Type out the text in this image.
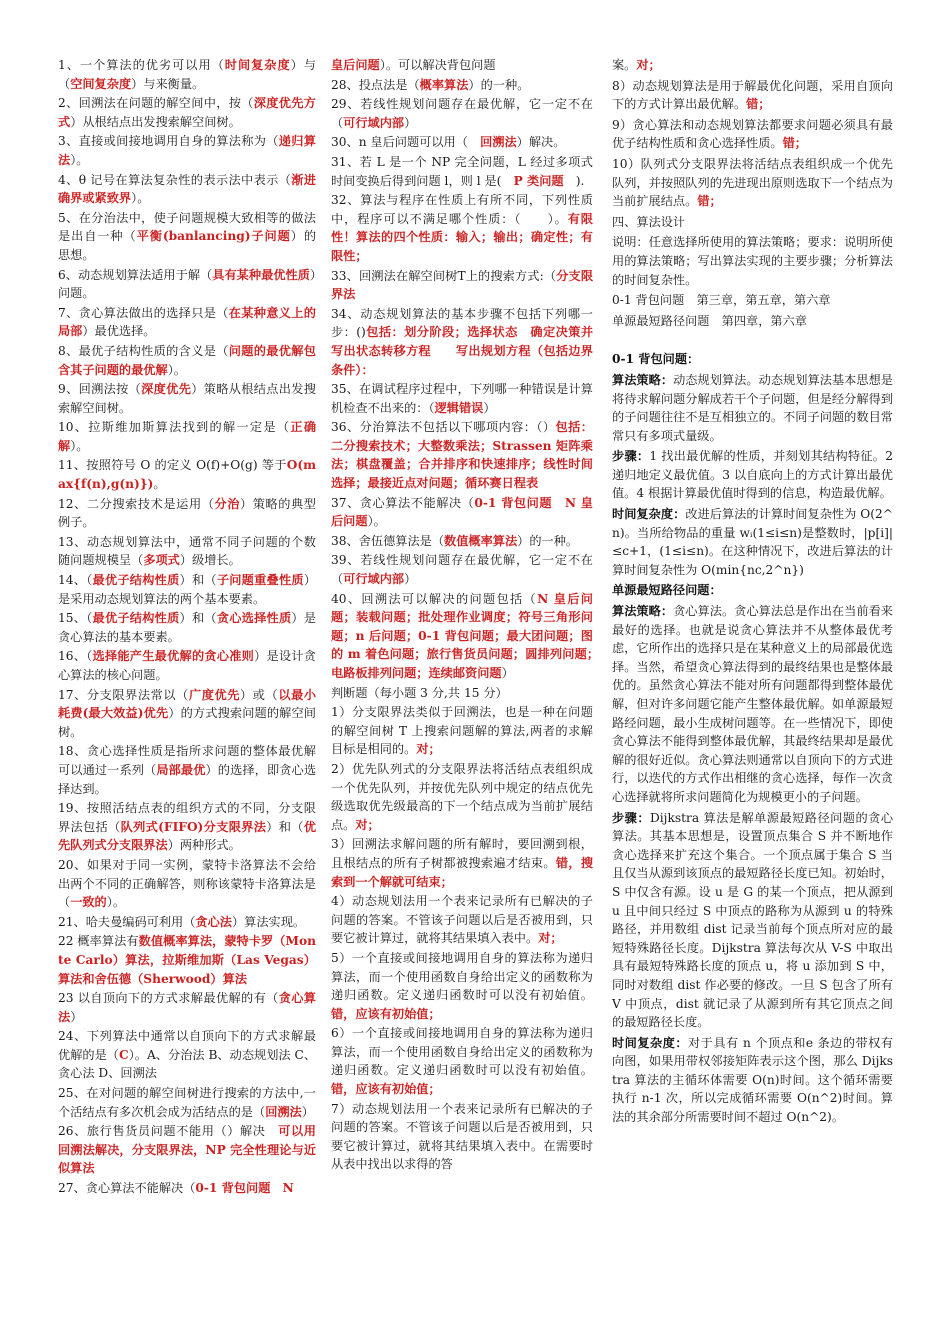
1、一个算法的优劣可以用（时间复杂度）与（空间复杂度）与来衡量。
2、回溯法在问题的解空间中，按（深度优先方式）从根结点出发搜索解空间树。
3、直接或间接地调用自身的算法称为（递归算法）。
4、θ 记号在算法复杂性的表示法中表示（渐进确界或紧致界）。
5、在分治法中，使子问题规模大致相等的做法是出自一种（平衡(banlancing)子问题）的思想。
6、动态规划算法适用于解（具有某种最优性质）问题。
7、贪心算法做出的选择只是（在某种意义上的局部）最优选择。
8、最优子结构性质的含义是（问题的最优解包含其子问题的最优解）。
9、回溯法按（深度优先）策略从根结点出发搜索解空间树。
10、拉斯维加斯算法找到的解一定是（正确解）。
11、按照符号 O 的定义 O(f)+O(g) 等于O(max{f(n),g(n)})。
12、二分搜索技术是运用（分治）策略的典型例子。
13、动态规划算法中，通常不同子问题的个数随问题规模呈（多项式）级增长。
14、（最优子结构性质）和（子问题重叠性质）是采用动态规划算法的两个基本要素。
15、（最优子结构性质）和（贪心选择性质）是贪心算法的基本要素。
16、（选择能产生最优解的贪心准则）是设计贪心算法的核心问题。
17、分支限界法常以（广度优先）或（以最小耗费(最大效益)优先）的方式搜索问题的解空间树。
18、贪心选择性质是指所求问题的整体最优解可以通过一系列（局部最优）的选择，即贪心选择达到。
19、按照活结点表的组织方式的不同，分支限界法包括（队列式(FIFO)分支限界法）和（优先队列式分支限界法）两种形式。
20、如果对于同一实例，蒙特卡洛算法不会给出两个不同的正确解答，则称该蒙特卡洛算法是（一致的）。
21、哈夫曼编码可利用（贪心法）算法实现。
22 概率算法有数值概率算法，蒙特卡罗（Monte Carlo）算法，拉斯维加斯（Las Vegas）算法和舍伍德（Sherwood）算法
23 以自顶向下的方式求解最优解的有（贪心算法）
24、下列算法中通常以自顶向下的方式求解最优解的是（C）。A、分治法 B、动态规划法 C、贪心法 D、回溯法
25、在对问题的解空间树进行搜索的方法中,一个活结点有多次机会成为活结点的是（回溯法）
26、旅行售货员问题不能用（）解决　可以用回溯法解决，分支限界法，NP 完全性理论与近似算法
27、贪心算法不能解决（0-1 背包问题　N
皇后问题）。可以解决背包问题
28、投点法是（概率算法）的一种。
29、若线性规划问题存在最优解，它一定不在（可行域内部）
30、n 皇后问题可以用（　回溯法）解决。
31、若 L 是一个 NP 完全问题，L 经过多项式时间变换后得到问题 l，则 l 是(　P 类问题　).
32、算法与程序在性质上有所不同，下列性质中，程序可以不满足哪个性质：（　　）。有限性！算法的四个性质：输入；输出；确定性；有限性；
33、回溯法在解空间树T上的搜索方式:（分支限界法
34、动态规划算法的基本步骤不包括下列哪一步：()包括：划分阶段；选择状态　确定决策并写出状态转移方程　　写出规划方程（包括边界条件）：
35、在调试程序过程中，下列哪一种错误是计算机检查不出来的：（逻辑错误）
36、分治算法不包括以下哪项内容：（）包括：二分搜索技术；大整数乘法；Strassen 矩阵乘法；棋盘覆盖；合并排序和快速排序；线性时间选择；最接近点对问题；循环赛日程表
37、贪心算法不能解决（0-1 背包问题　N 皇后问题）。
38、舍伍德算法是（数值概率算法）的一种。
39、若线性规划问题存在最优解，它一定不在（可行域内部）
40、回溯法可以解决的问题包括（N 皇后问题；装载问题；批处理作业调度；符号三角形问题；n 后问题；0-1 背包问题；最大团问题；图的 m 着色问题；旅行售货员问题；圆排列问题；　电路板排列问题；连续邮资问题）
判断题（每小题 3 分,共 15 分）
1）分支限界法类似于回溯法，也是一种在问题的解空间树 T 上搜索问题解的算法,两者的求解目标是相同的。对；
2）优先队列式的分支限界法将活结点表组织成一个优先队列，并按优先队列中规定的结点优先级选取优先级最高的下一个结点成为当前扩展结点。对；
3）回溯法求解问题的所有解时，要回溯到根，且根结点的所有子树都被搜索遍才结束。错，搜索到一个解就可结束；
4）动态规划法用一个表来记录所有已解决的子问题的答案。不管该子问题以后是否被用到，只要它被计算过，就将其结果填入表中。对；
5）一个直接或间接地调用自身的算法称为递归算法，而一个使用函数自身给出定义的函数称为递归函数。定义递归函数时可以没有初始值。错，应该有初始值；
6）一个直接或间接地调用自身的算法称为递归算法，而一个使用函数自身给出定义的函数称为递归函数。定义递归函数时可以没有初始值。错，应该有初始值；
7）动态规划法用一个表来记录所有已解决的子问题的答案。不管该子问题以后是否被用到，只要它被计算过，就将其结果填入表中。在需要时从表中找出以求得的答
案。对；
8）动态规划算法是用于解最优化问题，采用自顶向下的方式计算出最优解。错；
9）贪心算法和动态规划算法都要求问题必须具有最优子结构性质和贪心选择性质。错；
10）队列式分支限界法将活结点表组织成一个优先队列，并按照队列的先进现出原则选取下一个结点为当前扩展结点。错；
四、算法设计
说明：任意选择所使用的算法策略；要求：说明所使用的算法策略；写出算法实现的主要步骤；分析算法的时间复杂性。
0-1 背包问题　第三章，第五章，第六章
单源最短路径问题　第四章，第六章
0-1 背包问题：
算法策略：动态规划算法。动态规划算法基本思想是将待求解问题分解成若干个子问题，但是经分解得到的子问题往往不是互相独立的。不同子问题的数目常常只有多项式量级。
步骤：1 找出最优解的性质，并刻划其结构特征。2 递归地定义最优值。3 以自底向上的方式计算出最优值。4 根据计算最优值时得到的信息，构造最优解。
时间复杂度：改进后算法的计算时间复杂性为 O(2^n)。当所给物品的重量 wᵢ(1≤i≤n)是整数时，|p[i]|≤c+1，(1≤i≤n)。在这种情况下，改进后算法的计算时间复杂性为 O(min{nc,2^n})
单源最短路径问题：
算法策略：贪心算法。贪心算法总是作出在当前看来最好的选择。也就是说贪心算法并不从整体最优考虑，它所作出的选择只是在某种意义上的局部最优选择。当然，希望贪心算法得到的最终结果也是整体最优的。虽然贪心算法不能对所有问题都得到整体最优解，但对许多问题它能产生整体最优解。如单源最短路经问题，最小生成树问题等。在一些情况下，即使贪心算法不能得到整体最优解，其最终结果却是最优解的很好近似。贪心算法则通常以自顶向下的方式进行，以迭代的方式作出相继的贪心选择，每作一次贪心选择就将所求问题简化为规模更小的子问题。
步骤：Dijkstra 算法是解单源最短路径问题的贪心算法。其基本思想是，设置顶点集合 S 并不断地作贪心选择来扩充这个集合。一个顶点属于集合 S 当且仅当从源到该顶点的最短路径长度已知。初始时，S 中仅含有源。设 u 是 G 的某一个顶点，把从源到 u 且中间只经过 S 中顶点的路称为从源到 u 的特殊路径，并用数组 dist 记录当前每个顶点所对应的最短特殊路径长度。Dijkstra 算法每次从 V-S 中取出具有最短特殊路长度的顶点 u，将 u 添加到 S 中，同时对数组 dist 作必要的修改。一旦 S 包含了所有 V 中顶点，dist 就记录了从源到所有其它顶点之间的最短路径长度。
时间复杂度：对于具有 n 个顶点和e 条边的带权有向图，如果用带权邻接矩阵表示这个图，那么 Dijkstra 算法的主循环体需要 O(n)时间。这个循环需要执行 n-1 次，所以完成循环需要 O(n^2)时间。算法的其余部分所需要时间不超过 O(n^2)。
